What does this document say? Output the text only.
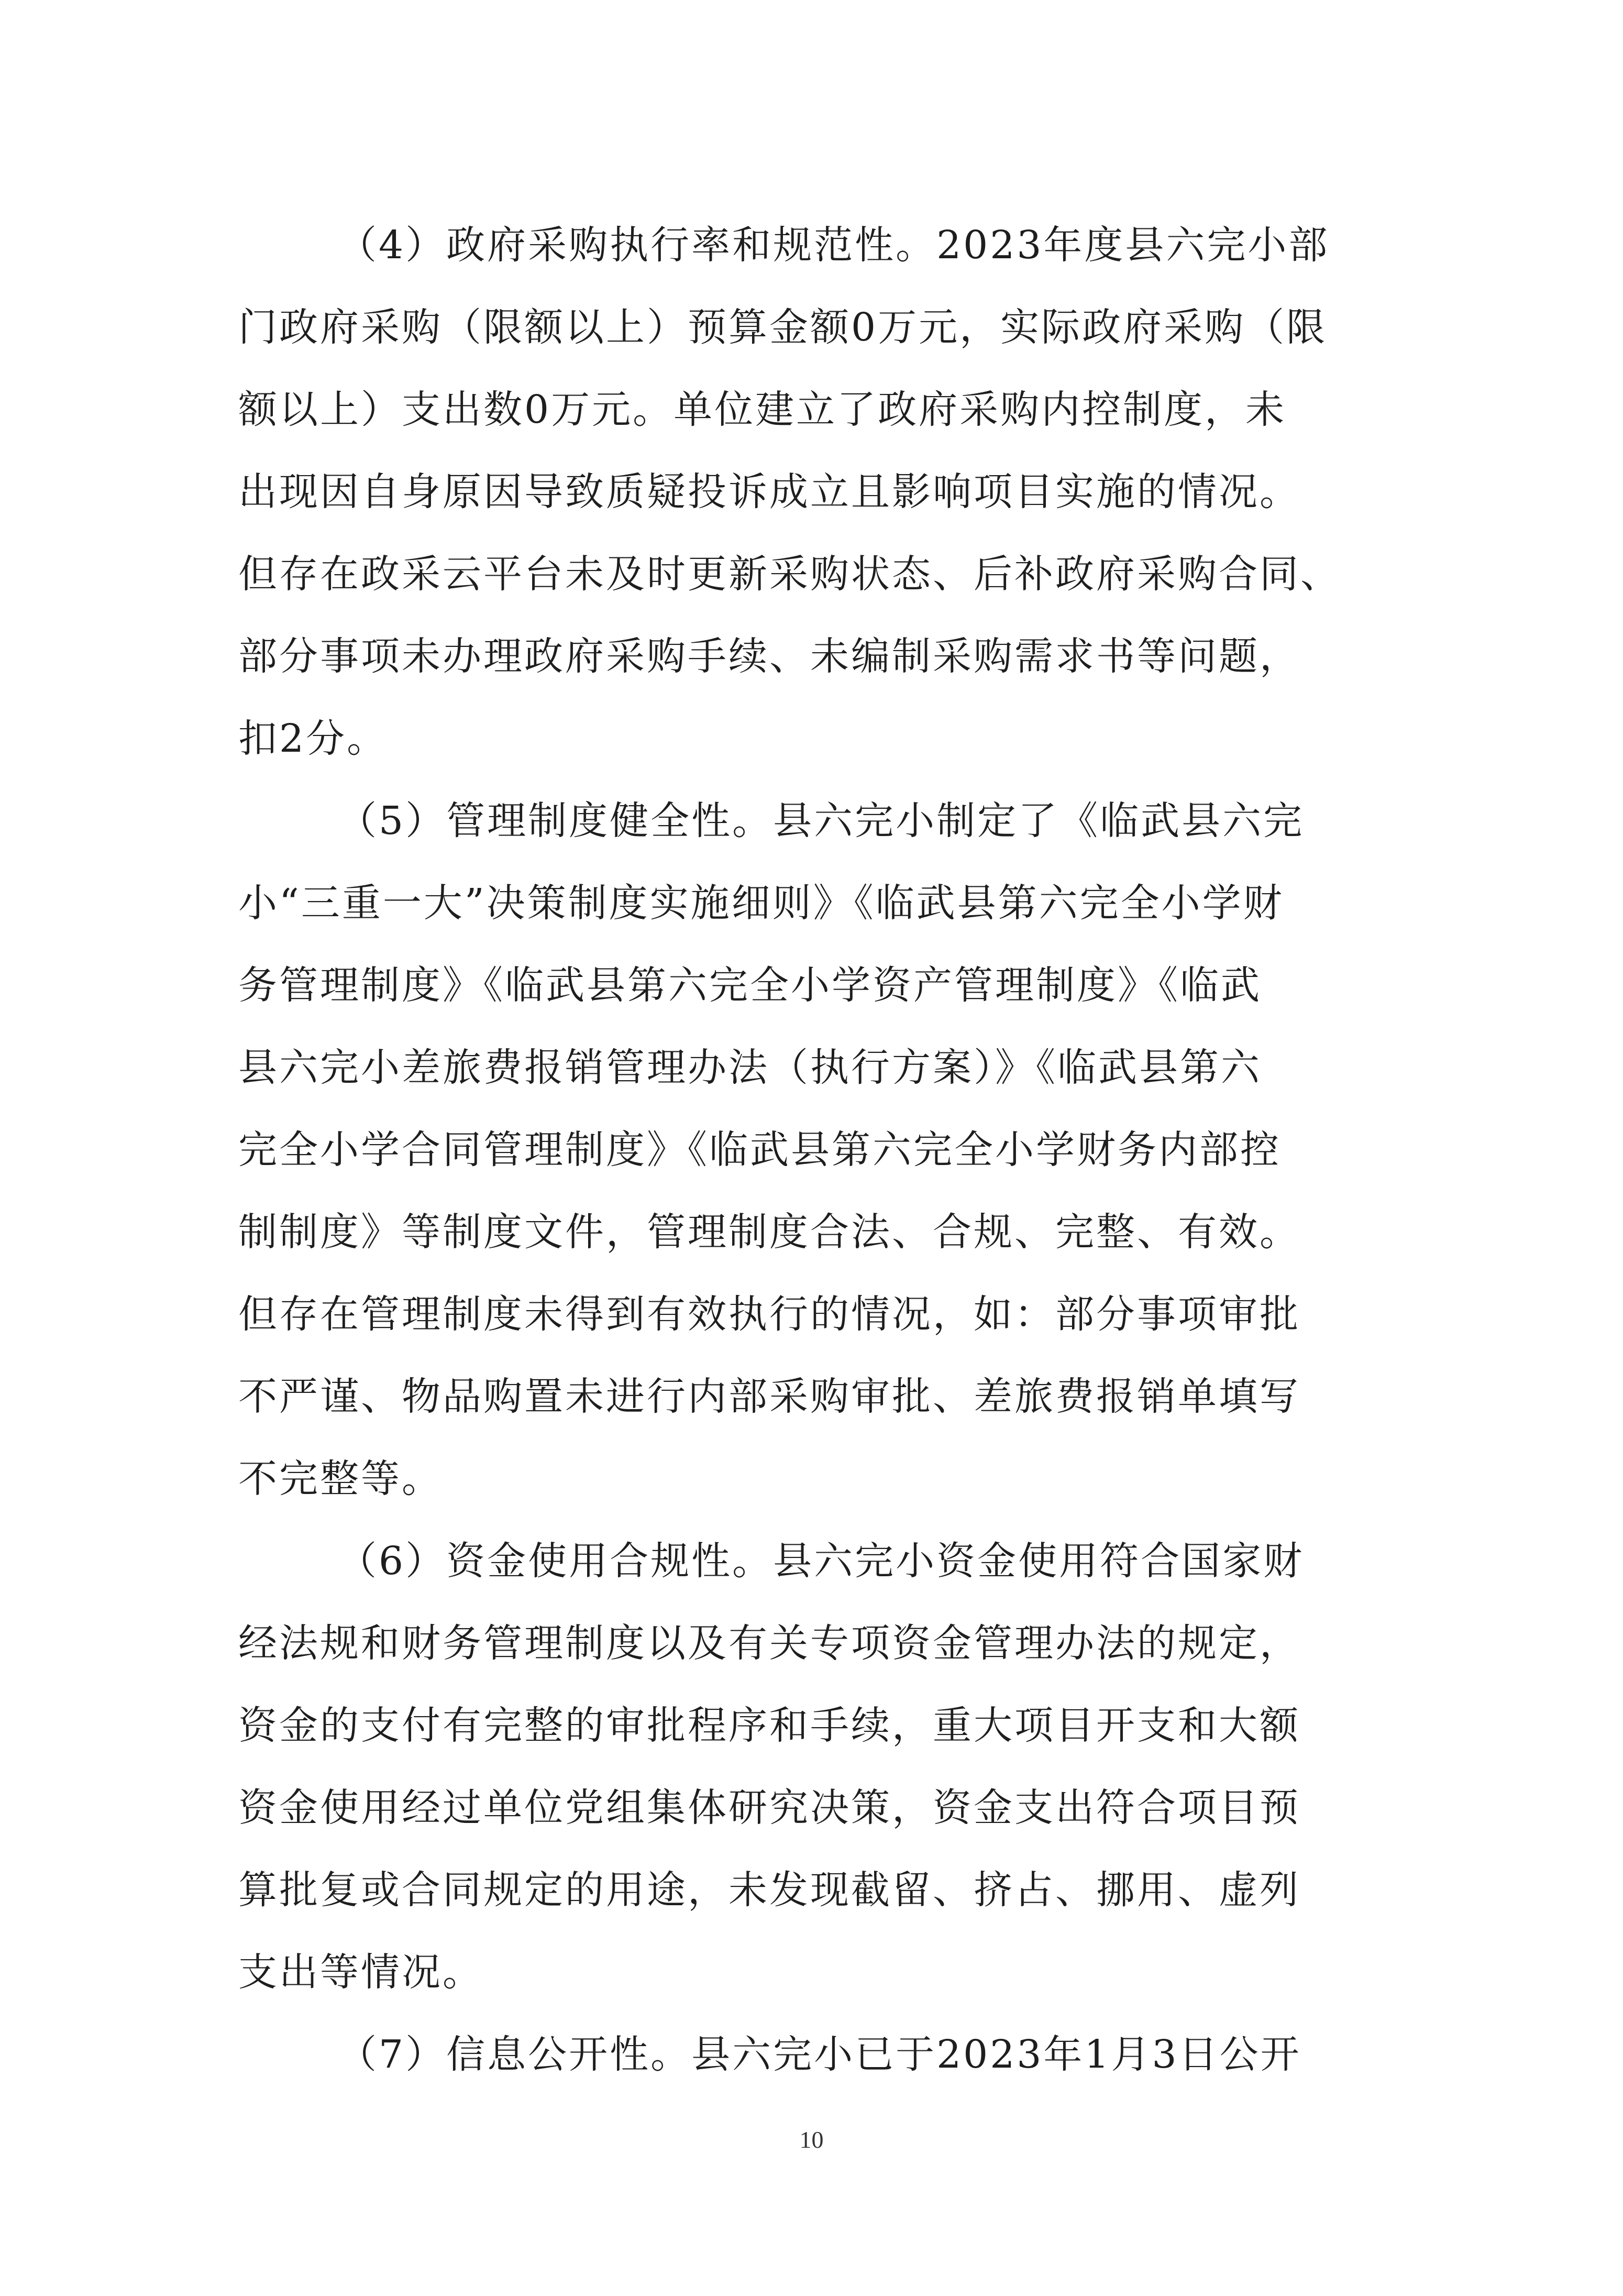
（4）政府采购执行率和规范性。2023年度县六完小部
门政府采购（限额以上）预算金额0万元，实际政府采购（限
额以上）支出数0万元。单位建立了政府采购内控制度，未
出现因自身原因导致质疑投诉成立且影响项目实施的情况。
但存在政采云平台未及时更新采购状态、后补政府采购合同、
部分事项未办理政府采购手续、未编制采购需求书等问题，
扣2分。
（5）管理制度健全性。县六完小制定了《临武县六完
小“三重一大”决策制度实施细则》《临武县第六完全小学财
务管理制度》《临武县第六完全小学资产管理制度》《临武
县六完小差旅费报销管理办法（执行方案）》《临武县第六
完全小学合同管理制度》《临武县第六完全小学财务内部控
制制度》等制度文件，管理制度合法、合规、完整、有效。
但存在管理制度未得到有效执行的情况，如：部分事项审批
不严谨、物品购置未进行内部采购审批、差旅费报销单填写
不完整等。
（6）资金使用合规性。县六完小资金使用符合国家财
经法规和财务管理制度以及有关专项资金管理办法的规定，
资金的支付有完整的审批程序和手续，重大项目开支和大额
资金使用经过单位党组集体研究决策，资金支出符合项目预
算批复或合同规定的用途，未发现截留、挤占、挪用、虚列
支出等情况。
（7）信息公开性。县六完小已于2023年1月3日公开
10
